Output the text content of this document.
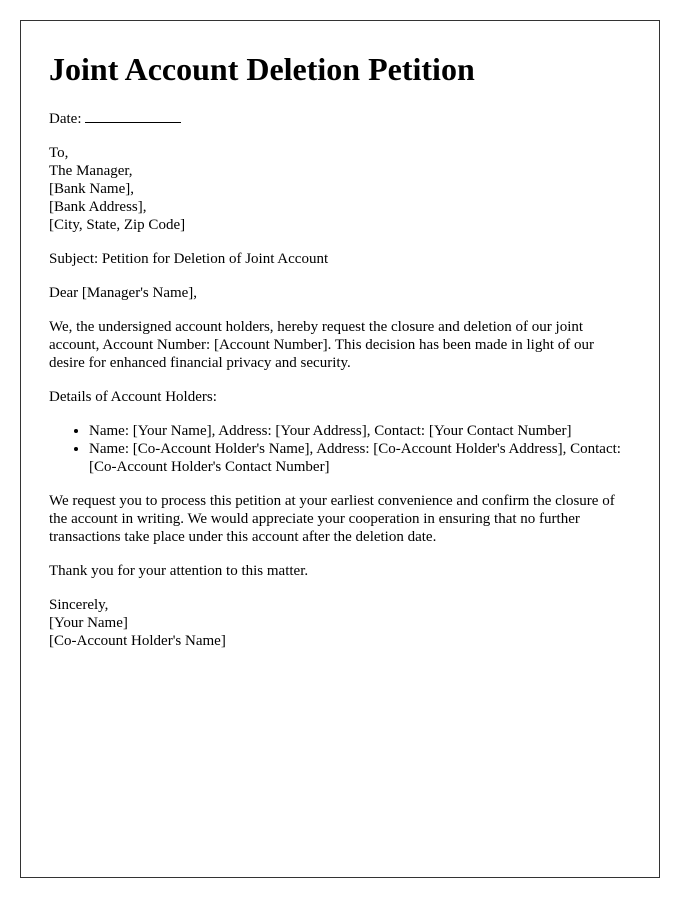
Joint Account Deletion Petition

Date:

To,
The Manager,
[Bank Name],
[Bank Address],
[City, State, Zip Code]

Subject: Petition for Deletion of Joint Account

Dear [Manager's Name],

We, the undersigned account holders, hereby request the closure and deletion of our joint account, Account Number: [Account Number]. This decision has been made in light of our desire for enhanced financial privacy and security.

Details of Account Holders:

• Name: [Your Name], Address: [Your Address], Contact: [Your Contact Number]
• Name: [Co-Account Holder's Name], Address: [Co-Account Holder's Address], Contact: [Co-Account Holder's Contact Number]

We request you to process this petition at your earliest convenience and confirm the closure of the account in writing. We would appreciate your cooperation in ensuring that no further transactions take place under this account after the deletion date.

Thank you for your attention to this matter.

Sincerely,
[Your Name]
[Co-Account Holder's Name]
